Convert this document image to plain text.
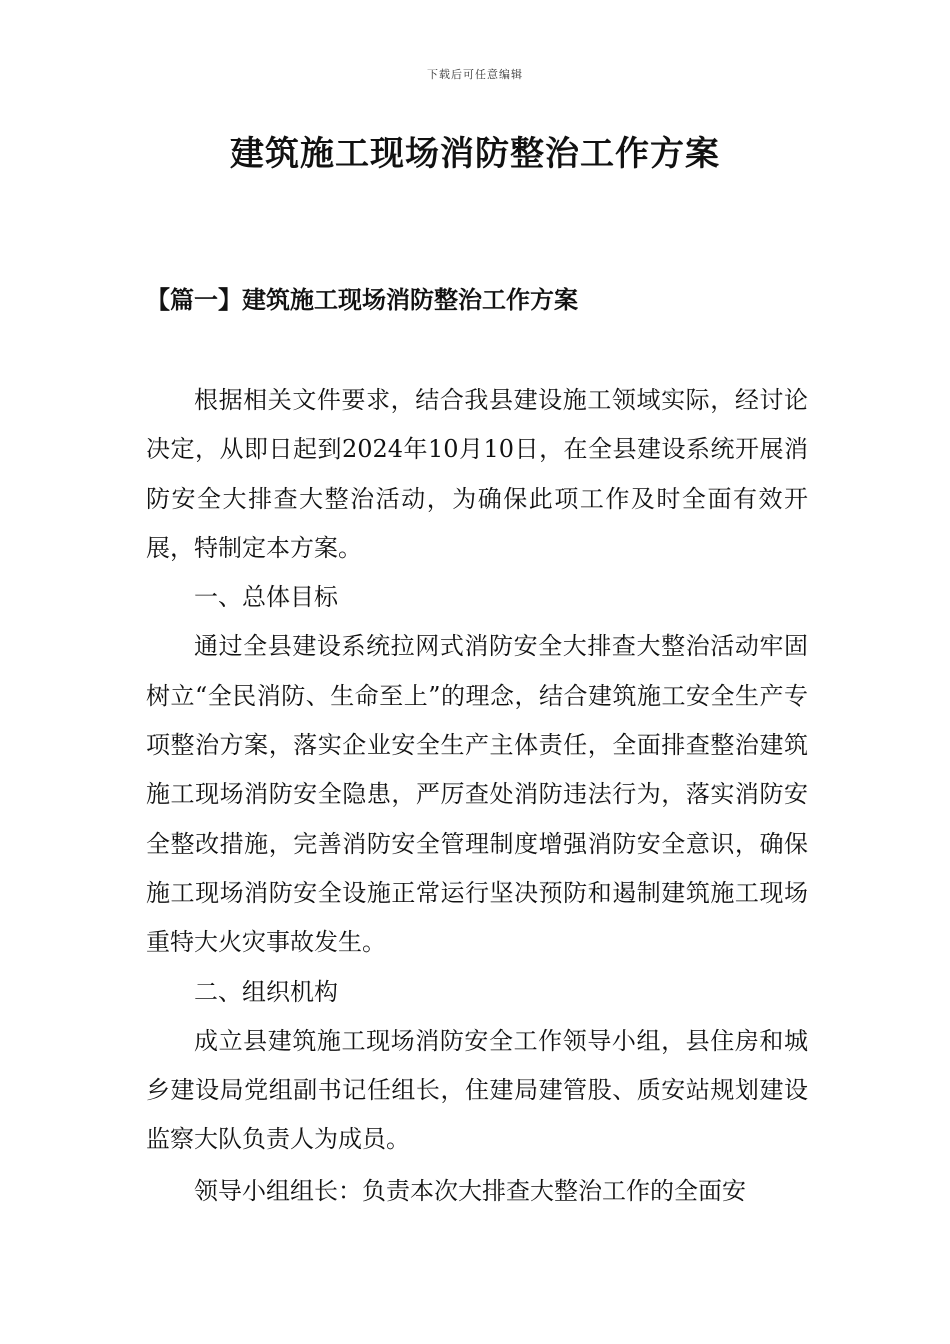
下载后可任意编辑
建筑施工现场消防整治工作方案
【篇一】建筑施工现场消防整治工作方案

根据相关文件要求，结合我县建设施工领域实际，经讨论决定，从即日起到2024年10月10日，在全县建设系统开展消防安全大排查大整治活动，为确保此项工作及时全面有效开展，特制定本方案。

一、总体目标

通过全县建设系统拉网式消防安全大排查大整治活动牢固树立“全民消防、生命至上”的理念，结合建筑施工安全生产专项整治方案，落实企业安全生产主体责任，全面排查整治建筑施工现场消防安全隐患，严厉查处消防违法行为，落实消防安全整改措施，完善消防安全管理制度增强消防安全意识，确保施工现场消防安全设施正常运行坚决预防和遏制建筑施工现场重特大火灾事故发生。

二、组织机构

成立县建筑施工现场消防安全工作领导小组，县住房和城乡建设局党组副书记任组长，住建局建管股、质安站规划建设监察大队负责人为成员。

领导小组组长：负责本次大排查大整治工作的全面安
